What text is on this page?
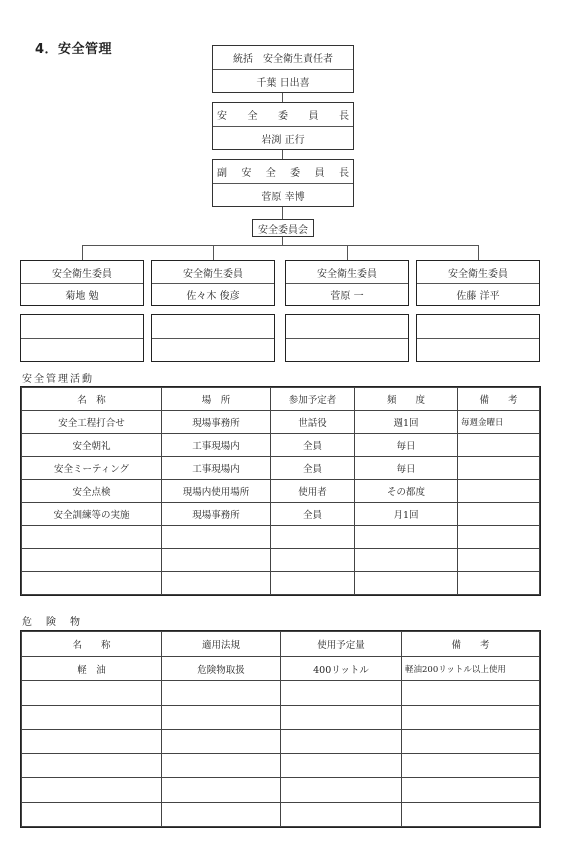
4．安全管理
統括　安全衛生責任者
千葉 日出喜
安 全 委 員 長
岩渕 正行
副 安 全 委 員 長
菅原 幸博
安全委員会
安全衛生委員
菊地 勉
安全衛生委員
佐々木 俊彦
安全衛生委員
菅原 一
安全衛生委員
佐藤 洋平
安全管理活動
名　称	場　所	参加予定者	頻　　度	備　　考
安全工程打合せ	現場事務所	世話役	週1回	毎週金曜日
安全朝礼	工事現場内	全員	毎日	
安全ミーティング	工事現場内	全員	毎日	
安全点検	現場内使用場所	使用者	その都度	
安全訓練等の実施	現場事務所	全員	月1回	

危　険　物
名　　称	適用法規	使用予定量	備　　考
軽　油	危険物取扱	400リットル	軽油200リットル以上使用
